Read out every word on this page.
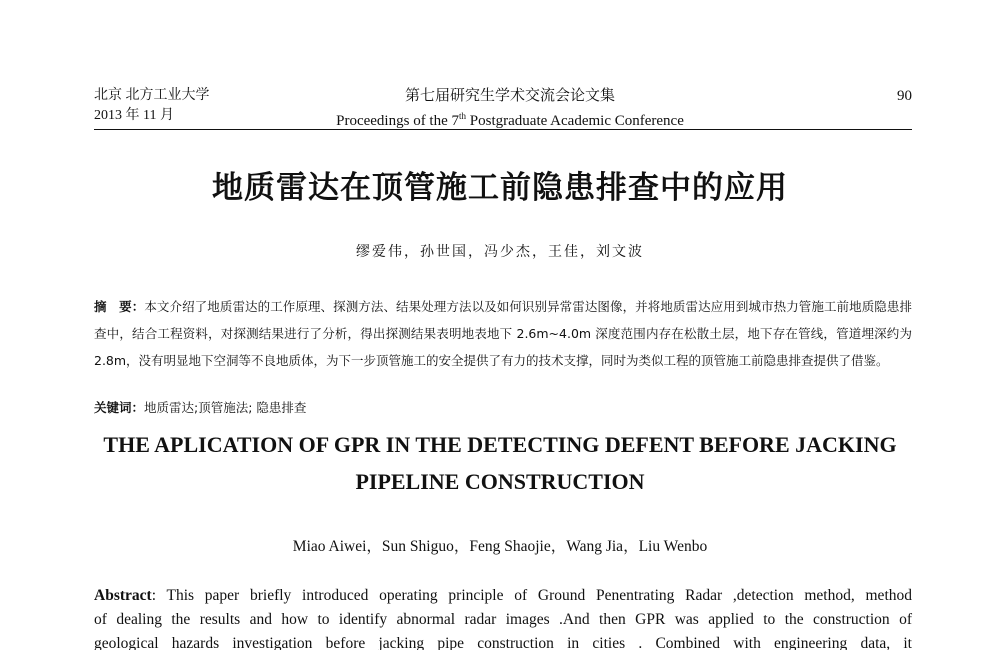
北京 北方工业大学
2013 年 11 月
第七届研究生学术交流会论文集
Proceedings of the 7th Postgraduate Academic Conference
90
地质雷达在顶管施工前隐患排查中的应用
缪爱伟，孙世国，冯少杰，王佳，刘文波
摘　要：本文介绍了地质雷达的工作原理、探测方法、结果处理方法以及如何识别异常雷达图像，并将地质雷达应用到城市热力管施工前地质隐患排查中，结合工程资料，对探测结果进行了分析，得出探测结果表明地表地下 2.6m~4.0m 深度范围内存在松散土层，地下存在管线，管道埋深约为 2.8m，没有明显地下空洞等不良地质体，为下一步顶管施工的安全提供了有力的技术支撑，同时为类似工程的顶管施工前隐患排查提供了借鉴。
关键词：地质雷达;顶管施法; 隐患排查
THE APLICATION OF GPR IN THE DETECTING DEFENT BEFORE JACKING
PIPELINE CONSTRUCTION
Miao Aiwei，Sun Shiguo，Feng Shaojie，Wang Jia，Liu Wenbo
Abstract: This paper briefly introduced operating principle of Ground Penentrating Radar ,detection method, method
of dealing the results and how to identify abnormal radar images .And then GPR was applied to the construction of
geological hazards investigation before jacking pipe construction in cities . Combined with engineering data, it
